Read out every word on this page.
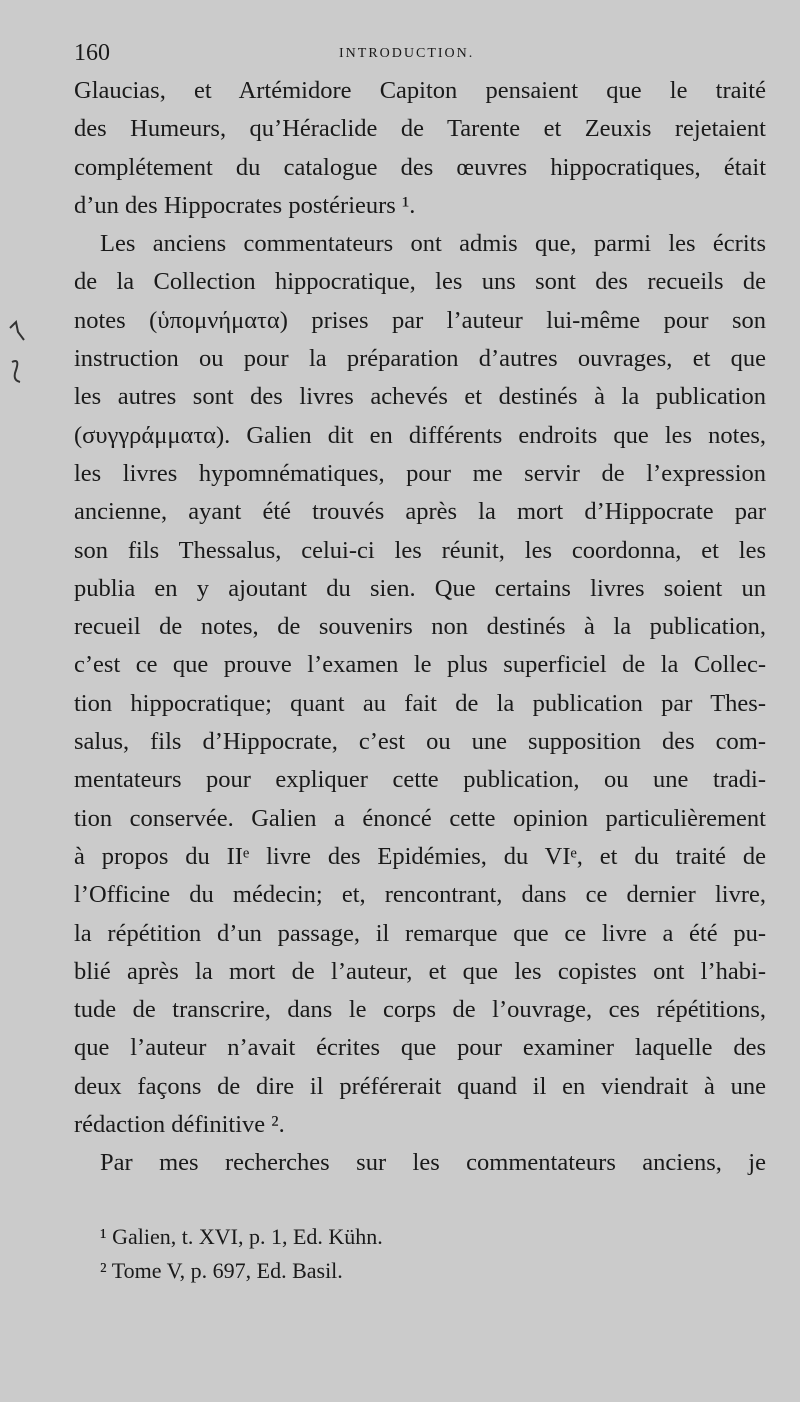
160	INTRODUCTION.
Glaucias, et Artémidore Capiton pensaient que le traité
des Humeurs, qu’Héraclide de Tarente et Zeuxis rejetaient
complétement du catalogue des œuvres hippocratiques, était
d’un des Hippocrates postérieurs ¹.
Les anciens commentateurs ont admis que, parmi les écrits
de la Collection hippocratique, les uns sont des recueils de
notes (ὑπομνήματα) prises par l’auteur lui-même pour son
instruction ou pour la préparation d’autres ouvrages, et que
les autres sont des livres achevés et destinés à la publication
(συγγράμματα). Galien dit en différents endroits que les notes,
les livres hypomnématiques, pour me servir de l’expression
ancienne, ayant été trouvés après la mort d’Hippocrate par
son fils Thessalus, celui-ci les réunit, les coordonna, et les
publia en y ajoutant du sien. Que certains livres soient un
recueil de notes, de souvenirs non destinés à la publication,
c’est ce que prouve l’examen le plus superficiel de la Collec-
tion hippocratique; quant au fait de la publication par Thes-
salus, fils d’Hippocrate, c’est ou une supposition des com-
mentateurs pour expliquer cette publication, ou une tradi-
tion conservée. Galien a énoncé cette opinion particulièrement
à propos du IIᵉ livre des Epidémies, du VIᵉ, et du traité de
l’Officine du médecin; et, rencontrant, dans ce dernier livre,
la répétition d’un passage, il remarque que ce livre a été pu-
blié après la mort de l’auteur, et que les copistes ont l’habi-
tude de transcrire, dans le corps de l’ouvrage, ces répétitions,
que l’auteur n’avait écrites que pour examiner laquelle des
deux façons de dire il préférerait quand il en viendrait à une
rédaction définitive ².
Par mes recherches sur les commentateurs anciens, je
¹ Galien, t. XVI, p. 1, Ed. Kühn.
² Tome V, p. 697, Ed. Basil.
